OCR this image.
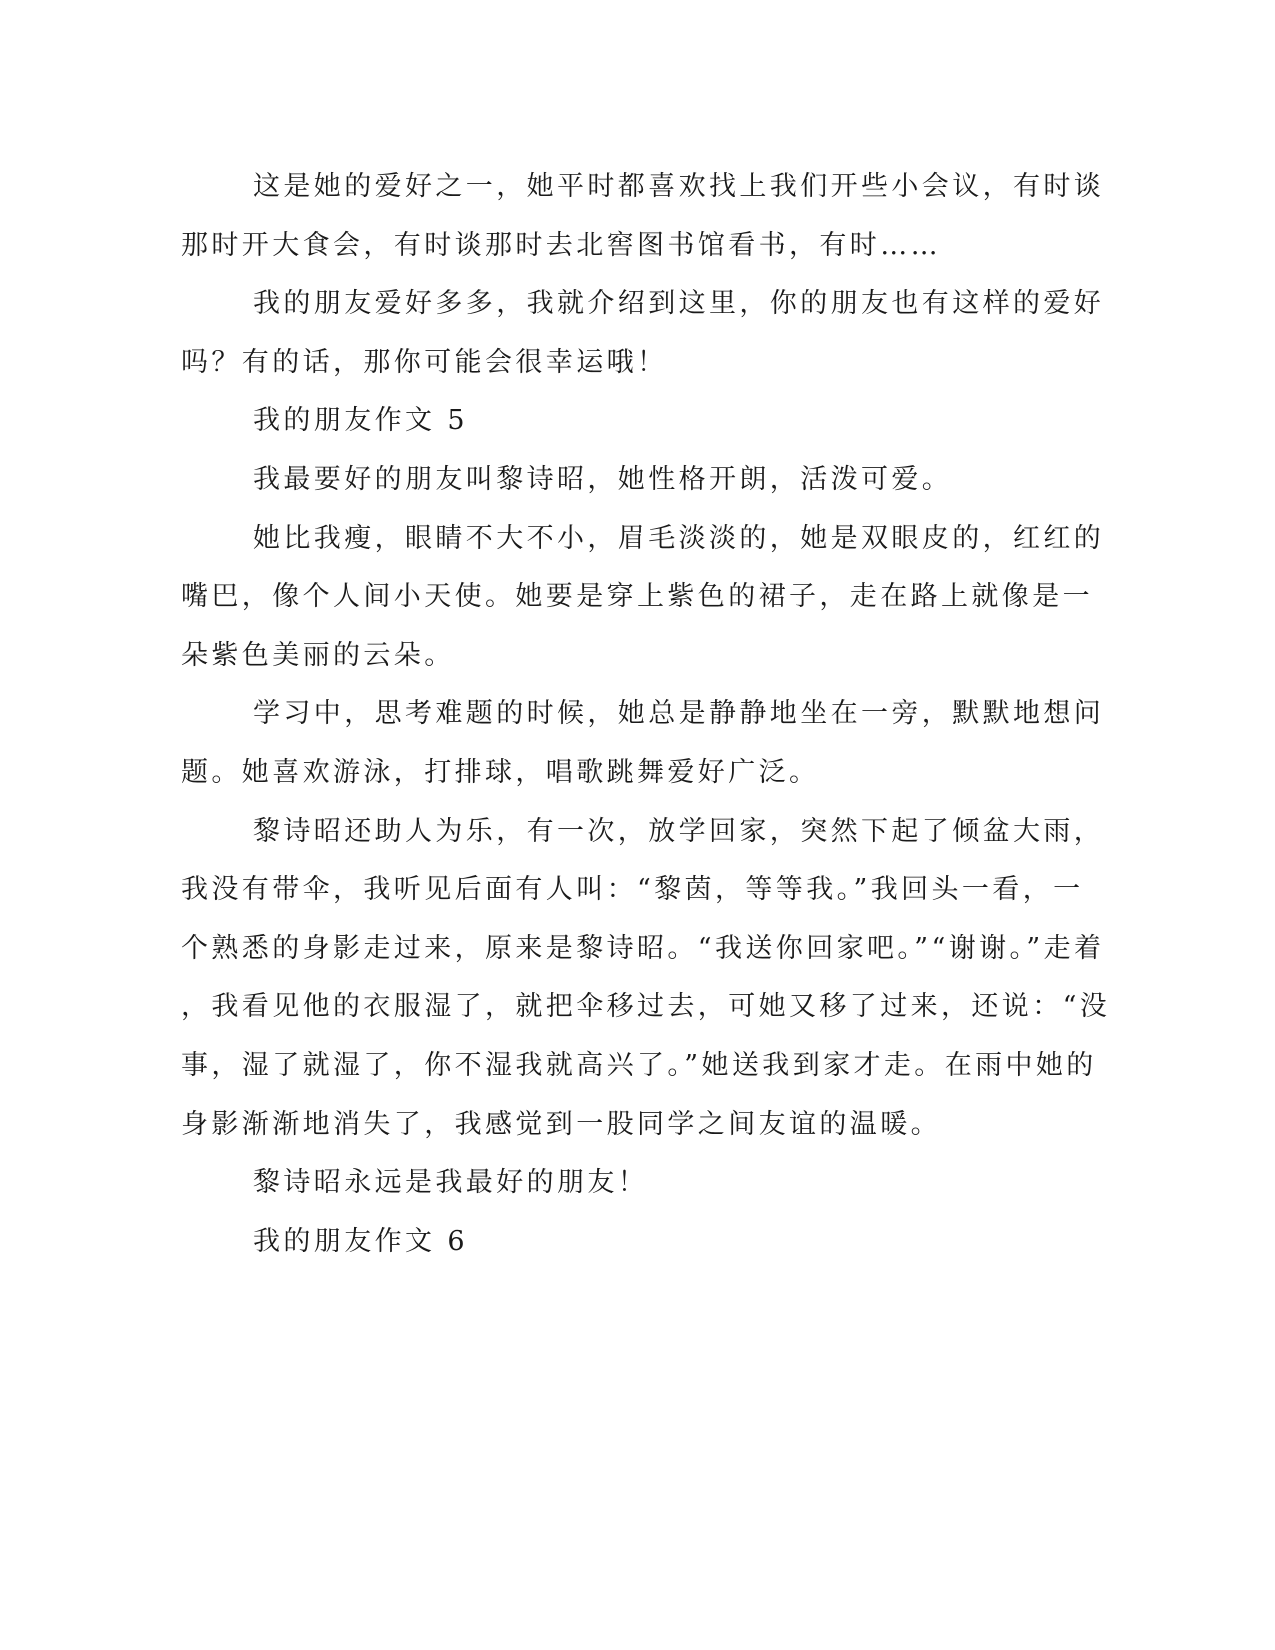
这是她的爱好之一，她平时都喜欢找上我们开些小会议，有时谈
那时开大食会，有时谈那时去北窖图书馆看书，有时……

我的朋友爱好多多，我就介绍到这里，你的朋友也有这样的爱好
吗？有的话，那你可能会很幸运哦！

我的朋友作文 5

我最要好的朋友叫黎诗昭，她性格开朗，活泼可爱。

她比我瘦，眼睛不大不小，眉毛淡淡的，她是双眼皮的，红红的
嘴巴，像个人间小天使。她要是穿上紫色的裙子，走在路上就像是一
朵紫色美丽的云朵。

学习中，思考难题的时候，她总是静静地坐在一旁，默默地想问
题。她喜欢游泳，打排球，唱歌跳舞爱好广泛。

黎诗昭还助人为乐，有一次，放学回家，突然下起了倾盆大雨，
我没有带伞，我听见后面有人叫：“黎茵，等等我。”我回头一看，一
个熟悉的身影走过来，原来是黎诗昭。“我送你回家吧。”“谢谢。”走着
，我看见他的衣服湿了，就把伞移过去，可她又移了过来，还说：“没
事，湿了就湿了，你不湿我就高兴了。”她送我到家才走。在雨中她的
身影渐渐地消失了，我感觉到一股同学之间友谊的温暖。

黎诗昭永远是我最好的朋友！

我的朋友作文 6
